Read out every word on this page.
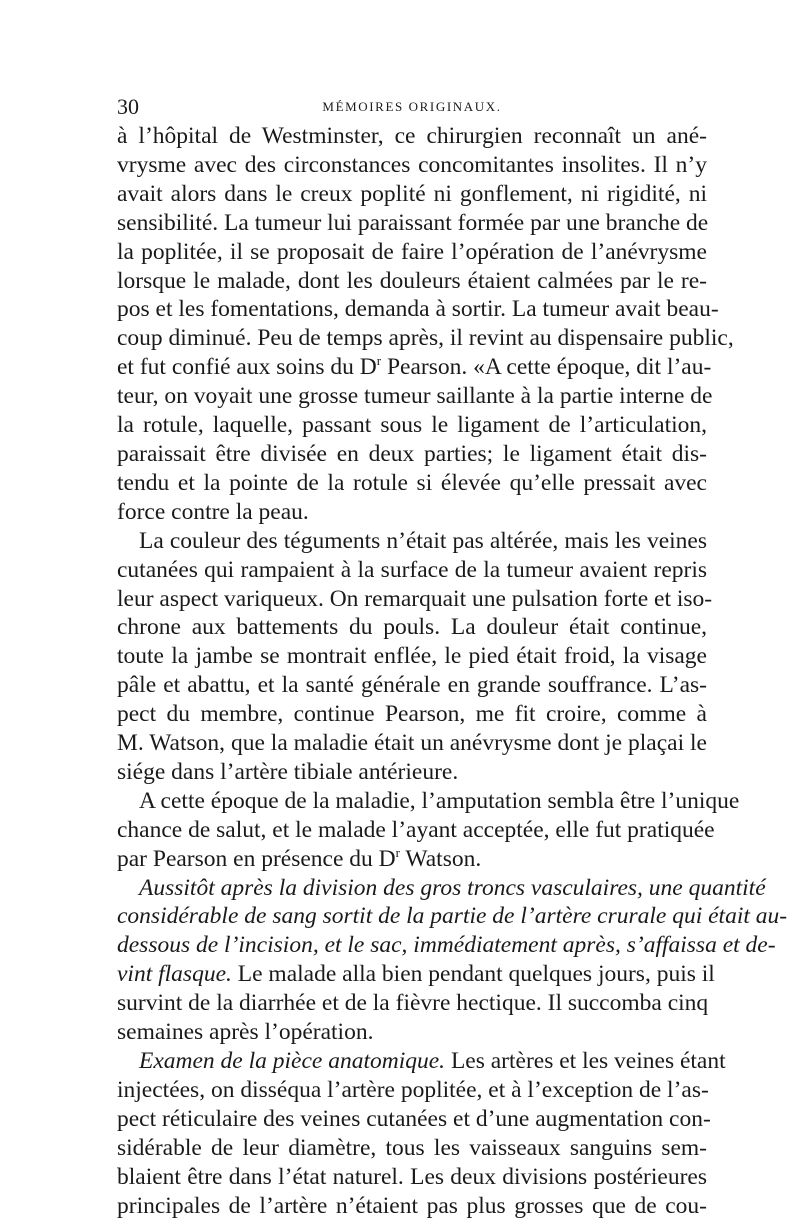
30	MÉMOIRES ORIGINAUX.
à l’hôpital de Westminster, ce chirurgien reconnaît un ané-
vrysme avec des circonstances concomitantes insolites. Il n’y
avait alors dans le creux poplité ni gonflement, ni rigidité, ni
sensibilité. La tumeur lui paraissant formée par une branche de
la poplitée, il se proposait de faire l’opération de l’anévrysme
lorsque le malade, dont les douleurs étaient calmées par le re-
pos et les fomentations, demanda à sortir. La tumeur avait beau-
coup diminué. Peu de temps après, il revint au dispensaire public,
et fut confié aux soins du $D^r$ Pearson. «A cette époque, dit l’au-
teur, on voyait une grosse tumeur saillante à la partie interne de
la rotule, laquelle, passant sous le ligament de l’articulation,
paraissait être divisée en deux parties; le ligament était dis-
tendu et la pointe de la rotule si élevée qu’elle pressait avec
force contre la peau.
La couleur des téguments n’était pas altérée, mais les veines
cutanées qui rampaient à la surface de la tumeur avaient repris
leur aspect variqueux. On remarquait une pulsation forte et iso-
chrone aux battements du pouls. La douleur était continue,
toute la jambe se montrait enflée, le pied était froid, la visage
pâle et abattu, et la santé générale en grande souffrance. L’as-
pect du membre, continue Pearson, me fit croire, comme à
M. Watson, que la maladie était un anévrysme dont je plaçai le
siége dans l’artère tibiale antérieure.
A cette époque de la maladie, l’amputation sembla être l’unique
chance de salut, et le malade l’ayant acceptée, elle fut pratiquée
par Pearson en présence du $D^r$ Watson.
Aussitôt après la division des gros troncs vasculaires, une quantité
considérable de sang sortit de la partie de l’artère crurale qui était au-
dessous de l’incision, et le sac, immédiatement après, s’affaissa et de-
vint flasque. Le malade alla bien pendant quelques jours, puis il
survint de la diarrhée et de la fièvre hectique. Il succomba cinq
semaines après l’opération.
Examen de la pièce anatomique. Les artères et les veines étant
injectées, on disséqua l’artère poplitée, et à l’exception de l’as-
pect réticulaire des veines cutanées et d’une augmentation con-
sidérable de leur diamètre, tous les vaisseaux sanguins sem-
blaient être dans l’état naturel. Les deux divisions postérieures
principales de l’artère n’étaient pas plus grosses que de cou-
